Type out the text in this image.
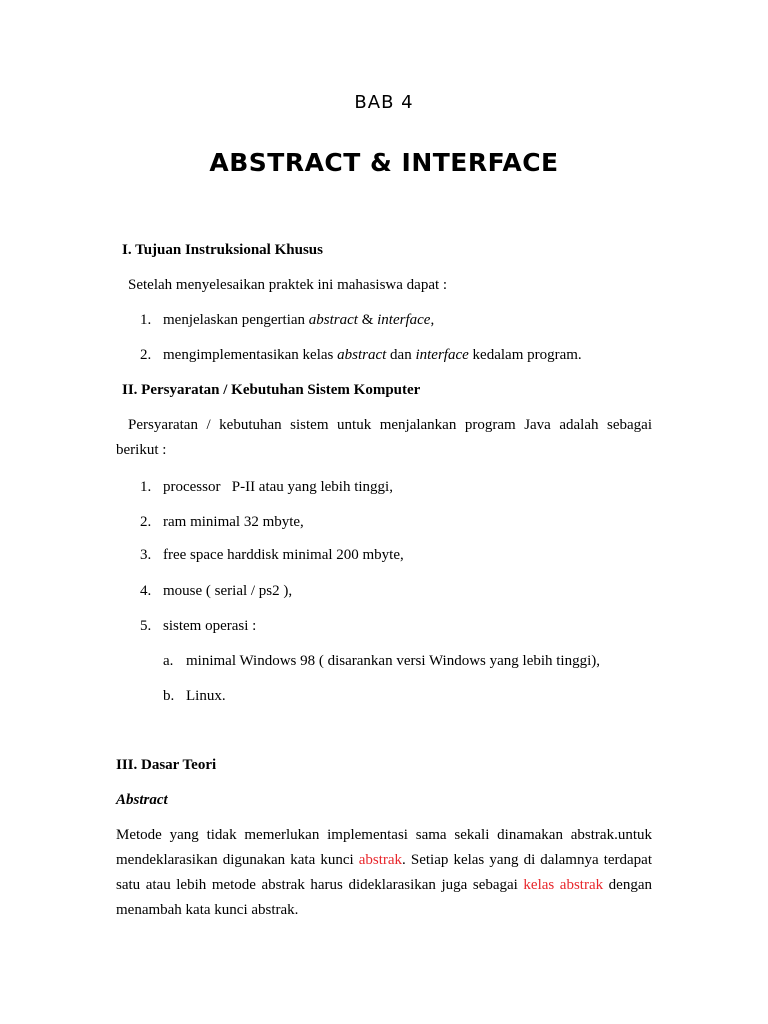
BAB 4

ABSTRACT & INTERFACE

I. Tujuan Instruksional Khusus

Setelah menyelesaikan praktek ini mahasiswa dapat :

1. menjelaskan pengertian abstract & interface,

2. mengimplementasikan kelas abstract dan interface kedalam program.

II. Persyaratan / Kebutuhan Sistem Komputer

Persyaratan / kebutuhan sistem untuk menjalankan program Java adalah sebagai

berikut :

1. processor   P-II atau yang lebih tinggi,

2. ram minimal 32 mbyte,

3. free space harddisk minimal 200 mbyte,

4. mouse ( serial / ps2 ),

5. sistem operasi :

a. minimal Windows 98 ( disarankan versi Windows yang lebih tinggi),

b. Linux.

III. Dasar Teori

Abstract

Metode yang tidak memerlukan implementasi sama sekali dinamakan abstrak.untuk

mendeklarasikan digunakan kata kunci abstrak. Setiap kelas yang di dalamnya terdapat

satu atau lebih metode abstrak harus dideklarasikan juga sebagai kelas abstrak dengan

menambah kata kunci abstrak.
